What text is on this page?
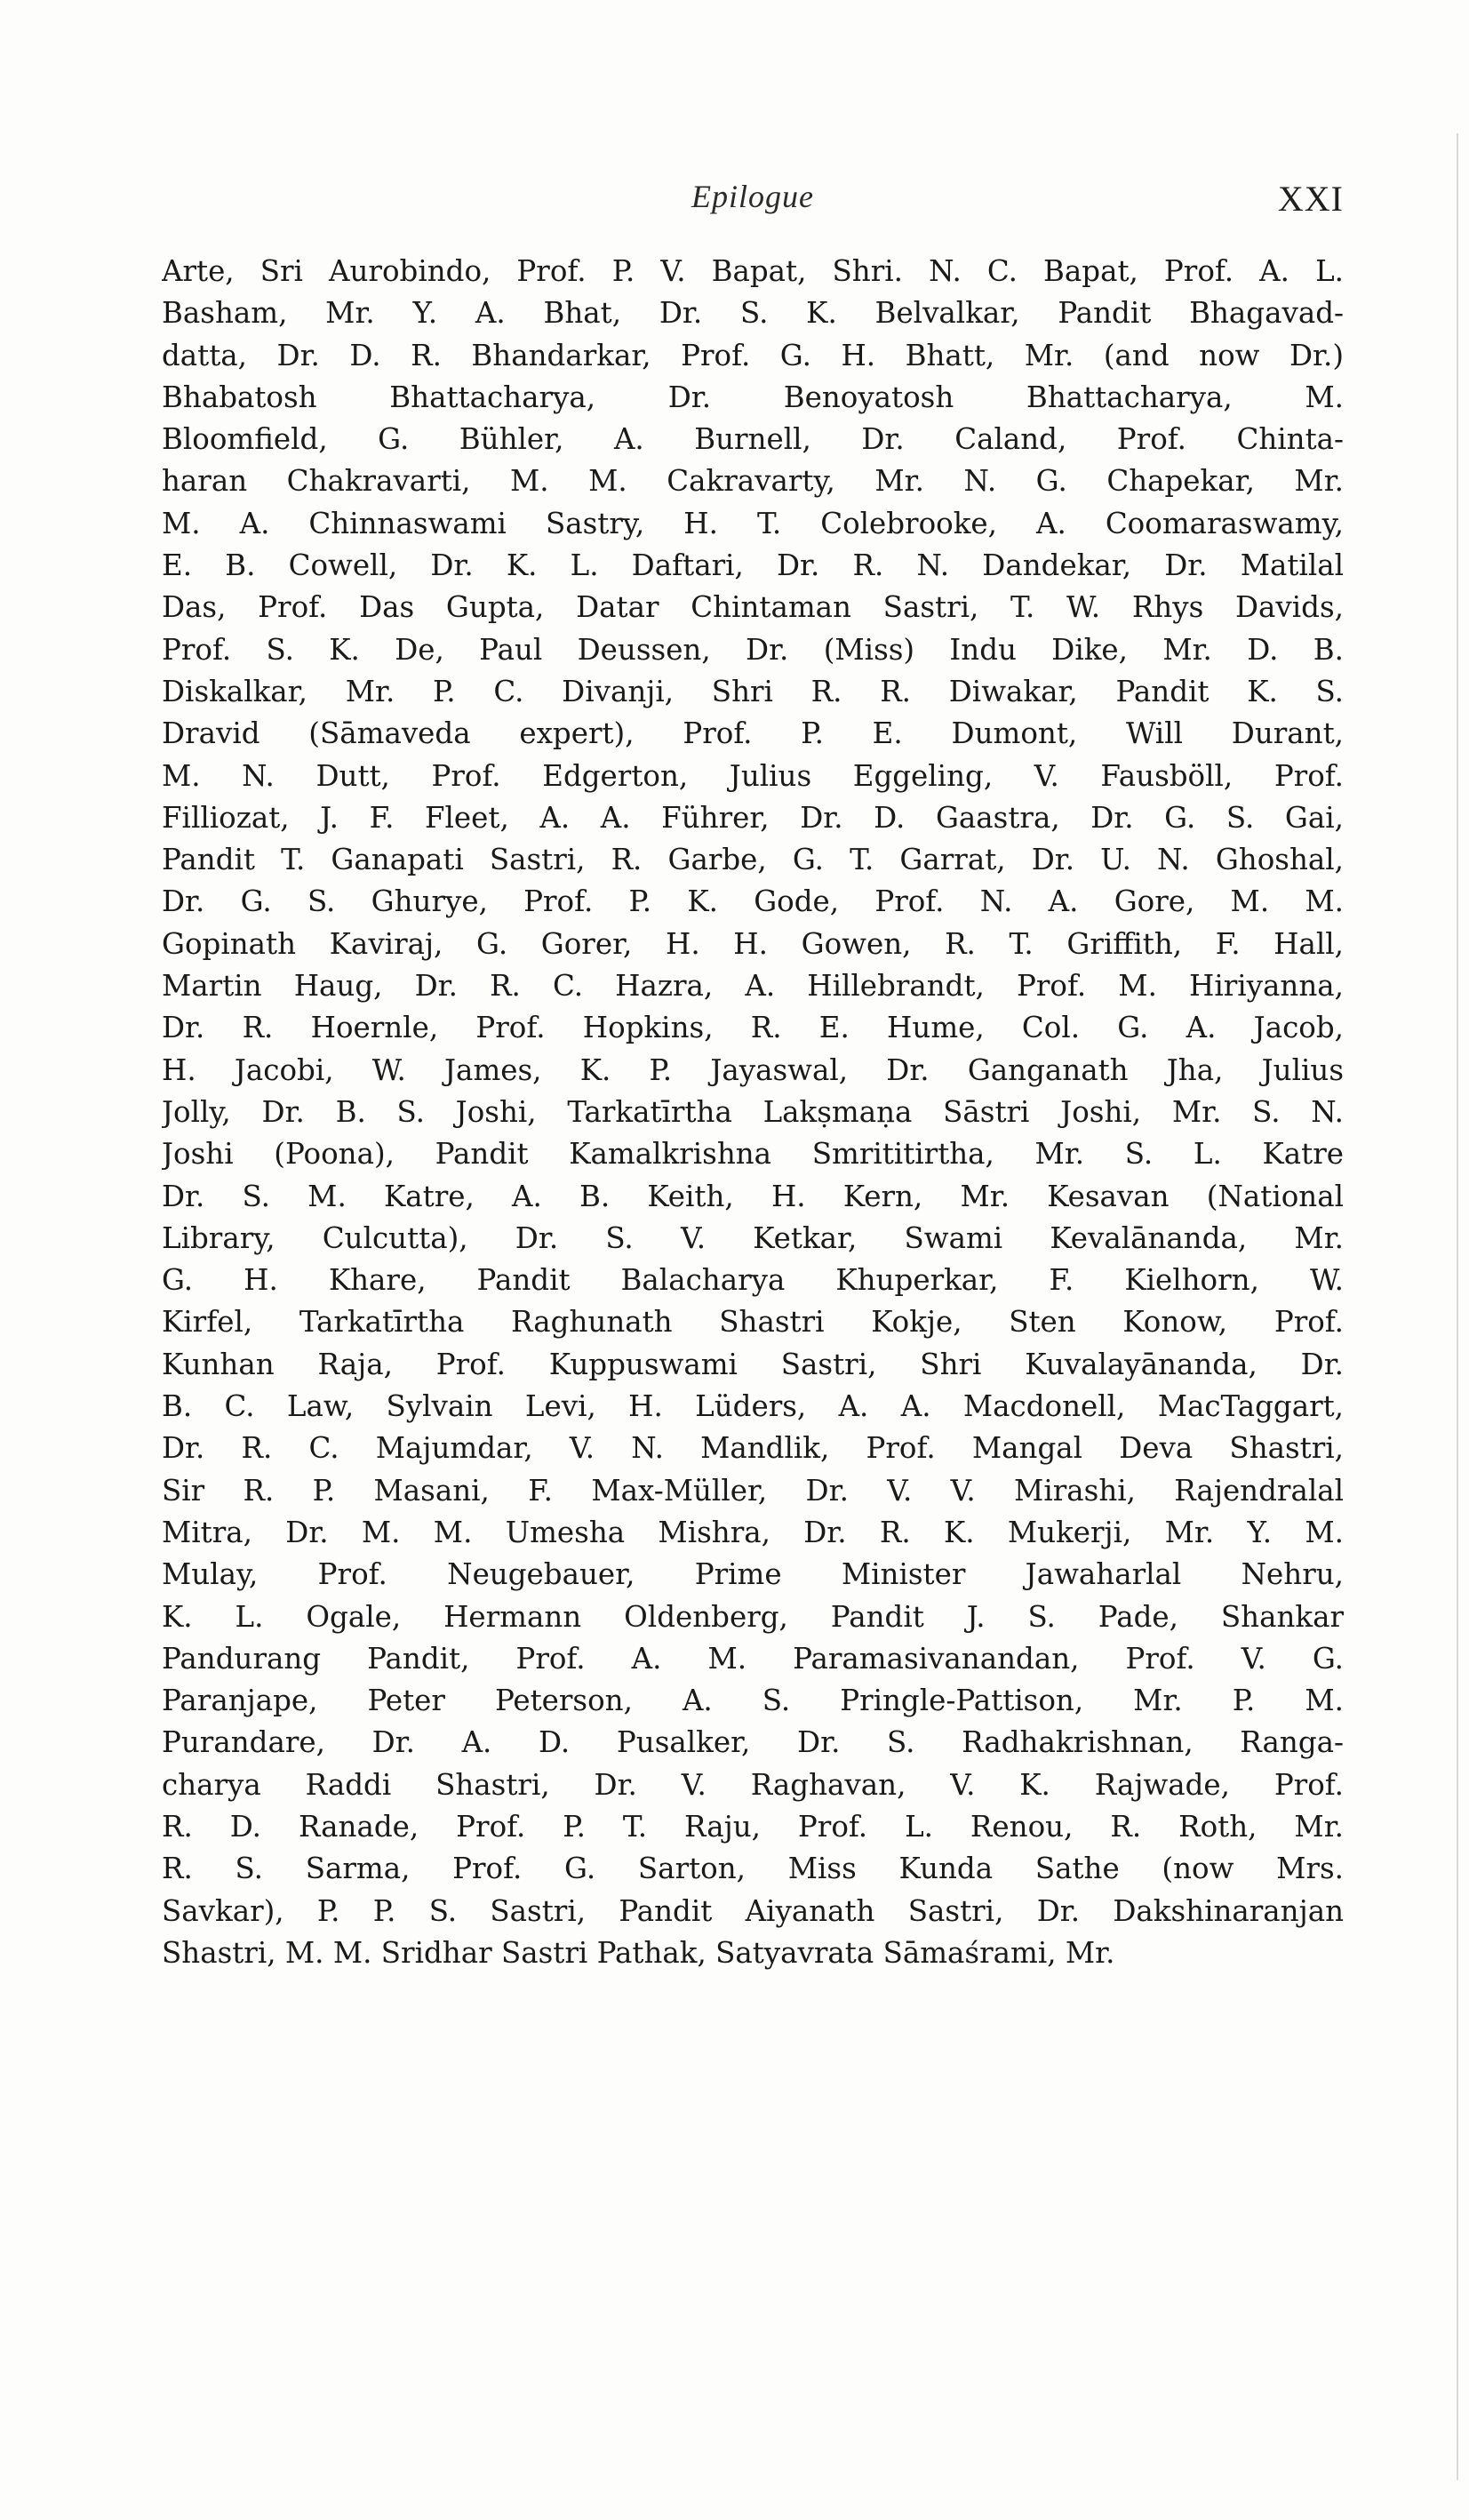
Epilogue	XXI
Arte, Sri Aurobindo, Prof. P. V. Bapat, Shri. N. C. Bapat, Prof. A. L.
Basham, Mr. Y. A. Bhat, Dr. S. K. Belvalkar, Pandit Bhagavad-
datta, Dr. D. R. Bhandarkar, Prof. G. H. Bhatt, Mr. (and now Dr.)
Bhabatosh Bhattacharya, Dr. Benoyatosh Bhattacharya, M.
Bloomfield, G. Bühler, A. Burnell, Dr. Caland, Prof. Chinta-
haran Chakravarti, M. M. Cakravarty, Mr. N. G. Chapekar, Mr.
M. A. Chinnaswami Sastry, H. T. Colebrooke, A. Coomaraswamy,
E. B. Cowell, Dr. K. L. Daftari, Dr. R. N. Dandekar, Dr. Matilal
Das, Prof. Das Gupta, Datar Chintaman Sastri, T. W. Rhys Davids,
Prof. S. K. De, Paul Deussen, Dr. (Miss) Indu Dike, Mr. D. B.
Diskalkar, Mr. P. C. Divanji, Shri R. R. Diwakar, Pandit K. S.
Dravid (Sāmaveda expert), Prof. P. E. Dumont, Will Durant,
M. N. Dutt, Prof. Edgerton, Julius Eggeling, V. Fausböll, Prof.
Filliozat, J. F. Fleet, A. A. Führer, Dr. D. Gaastra, Dr. G. S. Gai,
Pandit T. Ganapati Sastri, R. Garbe, G. T. Garrat, Dr. U. N. Ghoshal,
Dr. G. S. Ghurye, Prof. P. K. Gode, Prof. N. A. Gore, M. M.
Gopinath Kaviraj, G. Gorer, H. H. Gowen, R. T. Griffith, F. Hall,
Martin Haug, Dr. R. C. Hazra, A. Hillebrandt, Prof. M. Hiriyanna,
Dr. R. Hoernle, Prof. Hopkins, R. E. Hume, Col. G. A. Jacob,
H. Jacobi, W. James, K. P. Jayaswal, Dr. Ganganath Jha, Julius
Jolly, Dr. B. S. Joshi, Tarkatīrtha Lakṣmaṇa Sāstri Joshi, Mr. S. N.
Joshi (Poona), Pandit Kamalkrishna Smrititirtha, Mr. S. L. Katre
Dr. S. M. Katre, A. B. Keith, H. Kern, Mr. Kesavan (National
Library, Culcutta), Dr. S. V. Ketkar, Swami Kevalānanda, Mr.
G. H. Khare, Pandit Balacharya Khuperkar, F. Kielhorn, W.
Kirfel, Tarkatīrtha Raghunath Shastri Kokje, Sten Konow, Prof.
Kunhan Raja, Prof. Kuppuswami Sastri, Shri Kuvalayānanda, Dr.
B. C. Law, Sylvain Levi, H. Lüders, A. A. Macdonell, MacTaggart,
Dr. R. C. Majumdar, V. N. Mandlik, Prof. Mangal Deva Shastri,
Sir R. P. Masani, F. Max-Müller, Dr. V. V. Mirashi, Rajendralal
Mitra, Dr. M. M. Umesha Mishra, Dr. R. K. Mukerji, Mr. Y. M.
Mulay, Prof. Neugebauer, Prime Minister Jawaharlal Nehru,
K. L. Ogale, Hermann Oldenberg, Pandit J. S. Pade, Shankar
Pandurang Pandit, Prof. A. M. Paramasivanandan, Prof. V. G.
Paranjape, Peter Peterson, A. S. Pringle-Pattison, Mr. P. M.
Purandare, Dr. A. D. Pusalker, Dr. S. Radhakrishnan, Ranga-
charya Raddi Shastri, Dr. V. Raghavan, V. K. Rajwade, Prof.
R. D. Ranade, Prof. P. T. Raju, Prof. L. Renou, R. Roth, Mr.
R. S. Sarma, Prof. G. Sarton, Miss Kunda Sathe (now Mrs.
Savkar), P. P. S. Sastri, Pandit Aiyanath Sastri, Dr. Dakshinaranjan
Shastri, M. M. Sridhar Sastri Pathak, Satyavrata Sāmaśrami, Mr.
